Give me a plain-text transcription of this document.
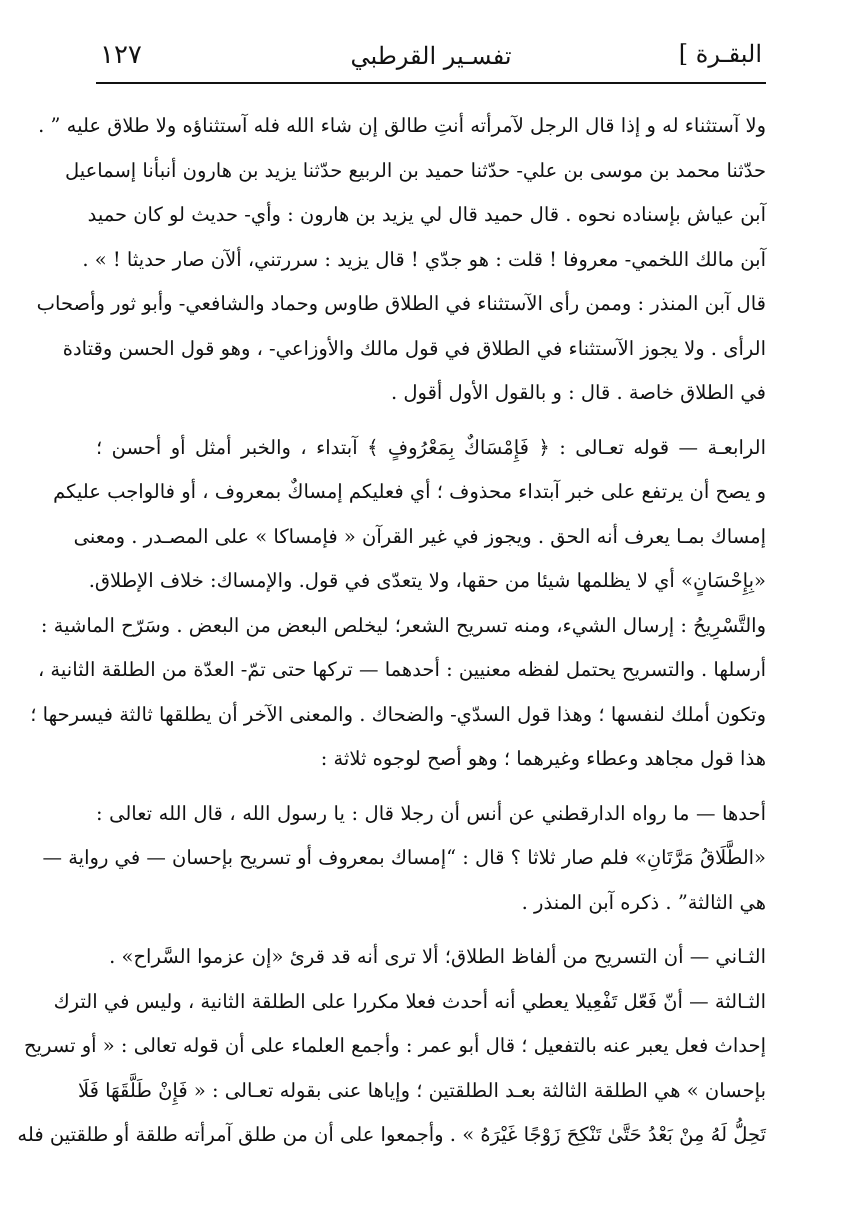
البقـرة ]
تفسـير القرطبي
١٢٧
ولا آستثناء له و إذا قال الرجل لآمرأته أنتِ طالق إن شاء الله فله آستثناؤه ولا طلاق عليه ” .
حدّثنا محمد بن موسى بن علي- حدّثنا حميد بن الربيع حدّثنا يزيد بن هارون أنبأنا إسماعيل
آبن عياش بإسناده نحوه . قال حميد قال لي يزيد بن هارون : وأي- حديث لو كان حميد
آبن مالك اللخمي- معروفا ! قلت : هو جدّي ! قال يزيد : سررتني، ألآن صار حديثا ! » .
قال آبن المنذر : وممن رأى الآستثناء في الطلاق طاوس وحماد والشافعي- وأبو ثور وأصحاب
الرأى . ولا يجوز الآستثناء في الطلاق في قول مالك والأوزاعي- ، وهو قول الحسن وقتادة
في الطلاق خاصة . قال : و بالقول الأول أقول .
الرابعـة — قوله تعـالى : ﴿ فَإِمْسَاكٌ بِمَعْرُوفٍ ﴾ آبتداء ، والخبر أمثل أو أحسن ؛
و يصح أن يرتفع على خبر آبتداء محذوف ؛ أي فعليكم إمساكٌ بمعروف ، أو فالواجب عليكم
إمساك بمـا يعرف أنه الحق . ويجوز في غير القرآن « فإمساكا » على المصـدر . ومعنى
«بِإِحْسَانٍ» أي لا يظلمها شيئا من حقها، ولا يتعدّى في قول. والإمساك: خلاف الإطلاق.
والتَّسْرِيحُ : إرسال الشيء، ومنه تسريح الشعر؛ ليخلص البعض من البعض . وسَرّح الماشية :
أرسلها . والتسريح يحتمل لفظه معنيين : أحدهما — تركها حتى تمّ- العدّة من الطلقة الثانية ،
وتكون أملك لنفسها ؛ وهذا قول السدّي- والضحاك . والمعنى الآخر أن يطلقها ثالثة فيسرحها ؛
هذا قول مجاهد وعطاء وغيرهما ؛ وهو أصح لوجوه ثلاثة :
أحدها — ما رواه الدارقطني عن أنس أن رجلا قال : يا رسول الله ، قال الله تعالى :
«الطَّلَاقُ مَرَّتَانِ» فلم صار ثلاثا ؟ قال : “إمساك بمعروف أو تسريح بإحسان — في رواية —
هي الثالثة” . ذكره آبن المنذر .
الثـاني — أن التسريح من ألفاظ الطلاق؛ ألا ترى أنه قد قرئ «إن عزموا السَّراح» .
الثـالثة — أنّ فَعّل تَفْعِيلا يعطي أنه أحدث فعلا مكررا على الطلقة الثانية ، وليس في الترك
إحداث فعل يعبر عنه بالتفعيل ؛ قال أبو عمر : وأجمع العلماء على أن قوله تعالى : « أو تسريح
بإحسان » هي الطلقة الثالثة بعـد الطلقتين ؛ وإياها عنى بقوله تعـالى : « فَإِنْ طَلَّقَهَا فَلَا
تَحِلُّ لَهُ مِنْ بَعْدُ حَتَّىٰ تَنْكِحَ زَوْجًا غَيْرَهُ » . وأجمعوا على أن من طلق آمرأته طلقة أو طلقتين فله
